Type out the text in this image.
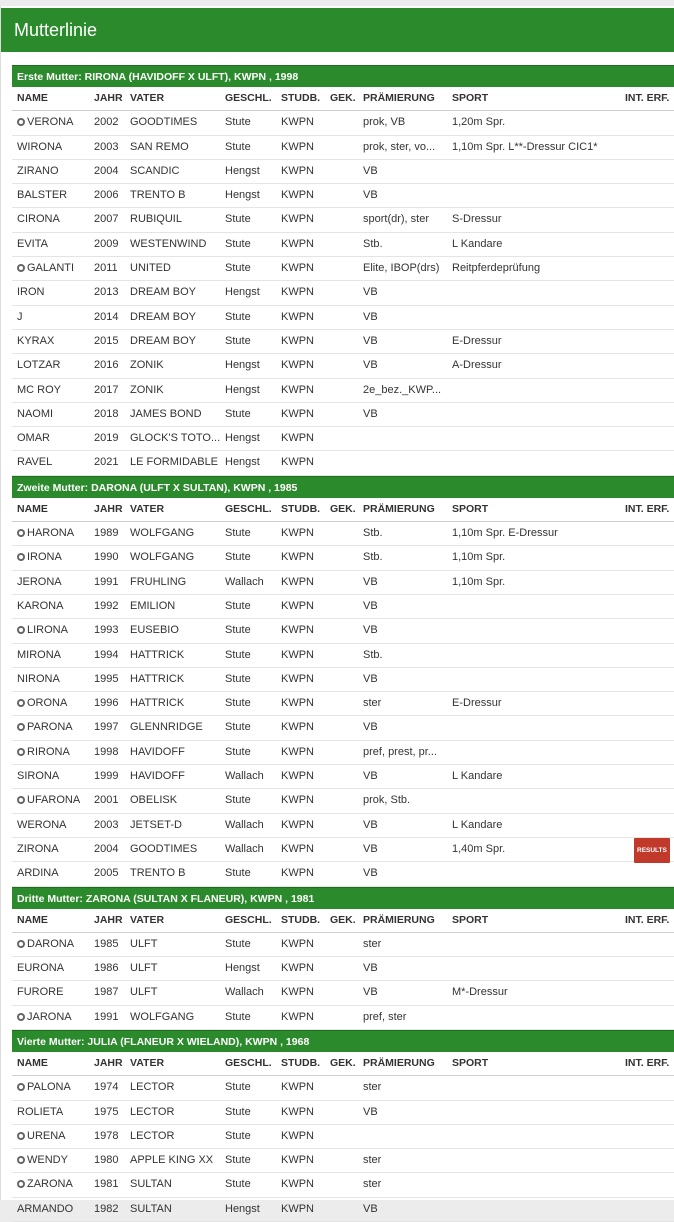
Mutterlinie
Erste Mutter: RIRONA (HAVIDOFF X ULFT), KWPN , 1998
NAME	JAHR VATER	GESCHL. STUDB. GEK. PRÄMIERUNG	SPORT	INT. ERF.
VERONA	2002	GOODTIMES	Stute	KWPN	prok, VB	1,20m Spr.
WIRONA	2003	SAN REMO	Stute	KWPN	prok, ster, vo...	1,10m Spr. L**-Dressur CIC1*
ZIRANO	2004	SCANDIC	Hengst	KWPN	VB
BALSTER	2006	TRENTO B	Hengst	KWPN	VB
CIRONA	2007	RUBIQUIL	Stute	KWPN	sport(dr), ster	S-Dressur
EVITA	2009	WESTENWIND	Stute	KWPN	Stb.	L Kandare
GALANTI	2011	UNITED	Stute	KWPN	Elite, IBOP(drs)	Reitpferdeprüfung
IRON	2013	DREAM BOY	Hengst	KWPN	VB
J	2014	DREAM BOY	Stute	KWPN	VB
KYRAX	2015	DREAM BOY	Stute	KWPN	VB	E-Dressur
LOTZAR	2016	ZONIK	Hengst	KWPN	VB	A-Dressur
MC ROY	2017	ZONIK	Hengst	KWPN	2e_bez._KWP...
NAOMI	2018	JAMES BOND	Stute	KWPN	VB
OMAR	2019	GLOCK'S TOTO... Hengst	KWPN
RAVEL	2021	LE FORMIDABLE Hengst	KWPN
Zweite Mutter: DARONA (ULFT X SULTAN), KWPN , 1985
NAME	JAHR VATER	GESCHL. STUDB. GEK. PRÄMIERUNG	SPORT	INT. ERF.
HARONA	1989	WOLFGANG	Stute	KWPN	Stb.	1,10m Spr. E-Dressur
IRONA	1990	WOLFGANG	Stute	KWPN	Stb.	1,10m Spr.
JERONA	1991	FRUHLING	Wallach	KWPN	VB	1,10m Spr.
KARONA	1992	EMILION	Stute	KWPN	VB
LIRONA	1993	EUSEBIO	Stute	KWPN	VB
MIRONA	1994	HATTRICK	Stute	KWPN	Stb.
NIRONA	1995	HATTRICK	Stute	KWPN	VB
ORONA	1996	HATTRICK	Stute	KWPN	ster	E-Dressur
PARONA	1997	GLENNRIDGE	Stute	KWPN	VB
RIRONA	1998	HAVIDOFF	Stute	KWPN	pref, prest, pr...
SIRONA	1999	HAVIDOFF	Wallach	KWPN	VB	L Kandare
UFARONA	2001	OBELISK	Stute	KWPN	prok, Stb.
WERONA	2003	JETSET-D	Wallach	KWPN	VB	L Kandare
ZIRONA	2004	GOODTIMES	Wallach	KWPN	VB	1,40m Spr.	RESULTS
ARDINA	2005	TRENTO B	Stute	KWPN	VB
Dritte Mutter: ZARONA (SULTAN X FLANEUR), KWPN , 1981
NAME	JAHR VATER	GESCHL. STUDB. GEK. PRÄMIERUNG	SPORT	INT. ERF.
DARONA	1985	ULFT	Stute	KWPN	ster
EURONA	1986	ULFT	Hengst	KWPN	VB
FURORE	1987	ULFT	Wallach	KWPN	VB	M*-Dressur
JARONA	1991	WOLFGANG	Stute	KWPN	pref, ster
Vierte Mutter: JULIA (FLANEUR X WIELAND), KWPN , 1968
NAME	JAHR VATER	GESCHL. STUDB. GEK. PRÄMIERUNG	SPORT	INT. ERF.
PALONA	1974	LECTOR	Stute	KWPN	ster
ROLIETA	1975	LECTOR	Stute	KWPN	VB
URENA	1978	LECTOR	Stute	KWPN
WENDY	1980	APPLE KING XX	Stute	KWPN	ster
ZARONA	1981	SULTAN	Stute	KWPN	ster
ARMANDO	1982	SULTAN	Hengst	KWPN	VB
